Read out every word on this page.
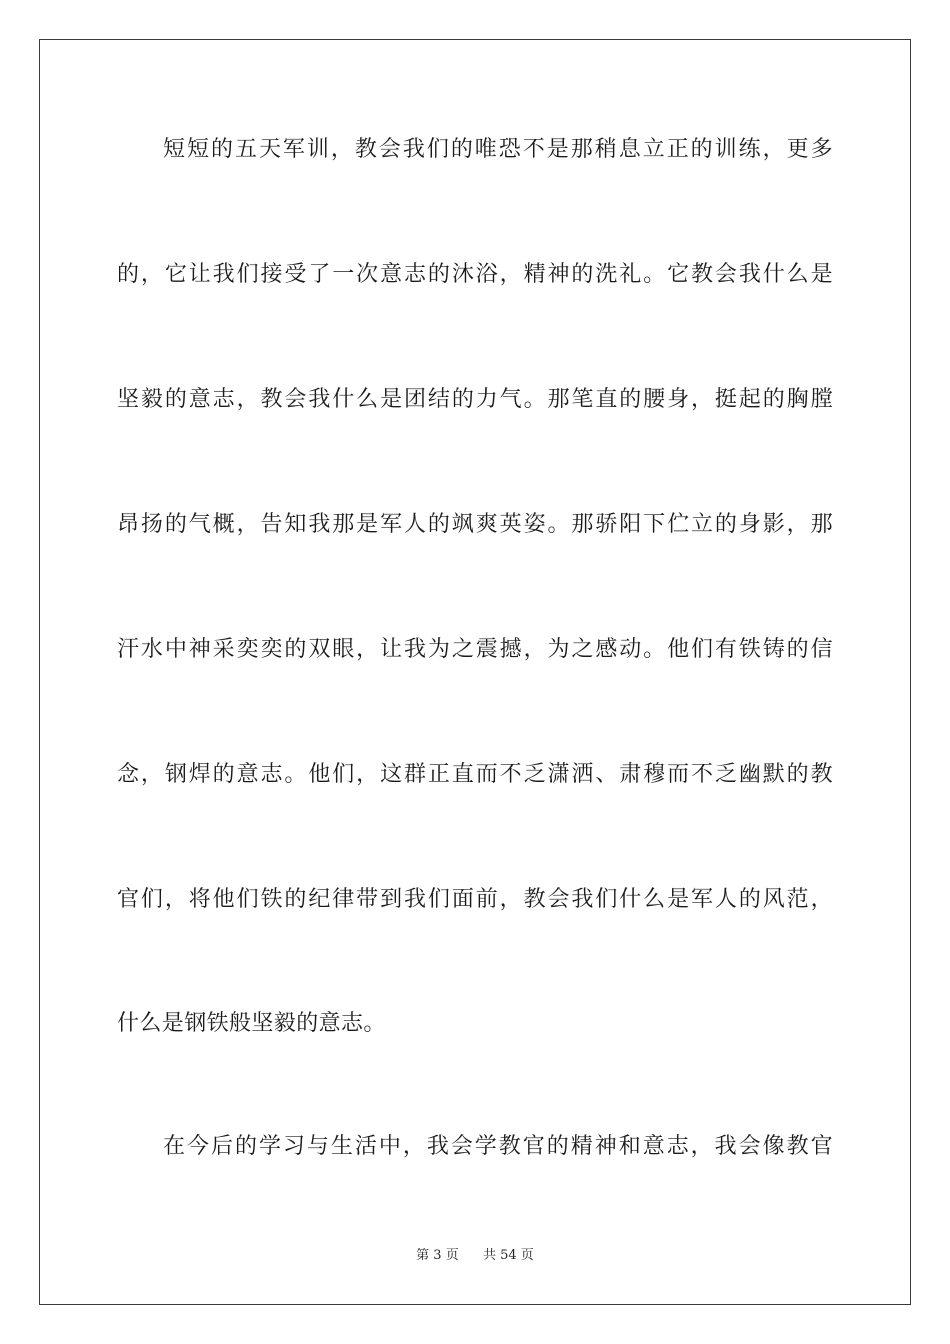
短短的五天军训，教会我们的唯恐不是那稍息立正的训练，更多
的，它让我们接受了一次意志的沐浴，精神的洗礼。它教会我什么是
坚毅的意志，教会我什么是团结的力气。那笔直的腰身，挺起的胸膛
昂扬的气概，告知我那是军人的飒爽英姿。那骄阳下伫立的身影，那
汗水中神采奕奕的双眼，让我为之震撼，为之感动。他们有铁铸的信
念，钢焊的意志。他们，这群正直而不乏潇洒、肃穆而不乏幽默的教
官们，将他们铁的纪律带到我们面前，教会我们什么是军人的风范，
什么是钢铁般坚毅的意志。
在今后的学习与生活中，我会学教官的精神和意志，我会像教官
第 3 页 共 54 页
